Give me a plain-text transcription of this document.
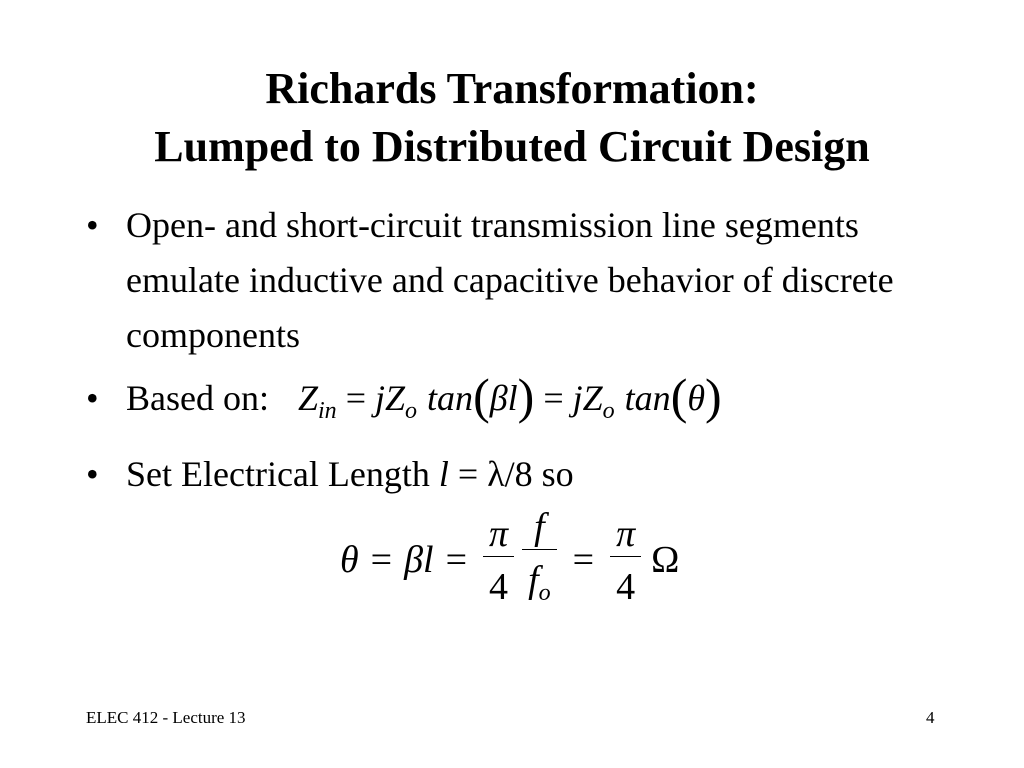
Richards Transformation:
Lumped to Distributed Circuit Design
• Open- and short-circuit transmission line segments emulate inductive and capacitive behavior of discrete components
• Based on: $Z_{in} = jZ_o$ $\tan(\beta l) = jZ_o$ tan(θ)
• Set Electrical Length l = λ/8 so
$\theta = \beta l = \frac{\pi}{4} \frac{f}{f_o} = \frac{\pi}{4}$ Ω
ELEC 412 - Lecture 13	4
